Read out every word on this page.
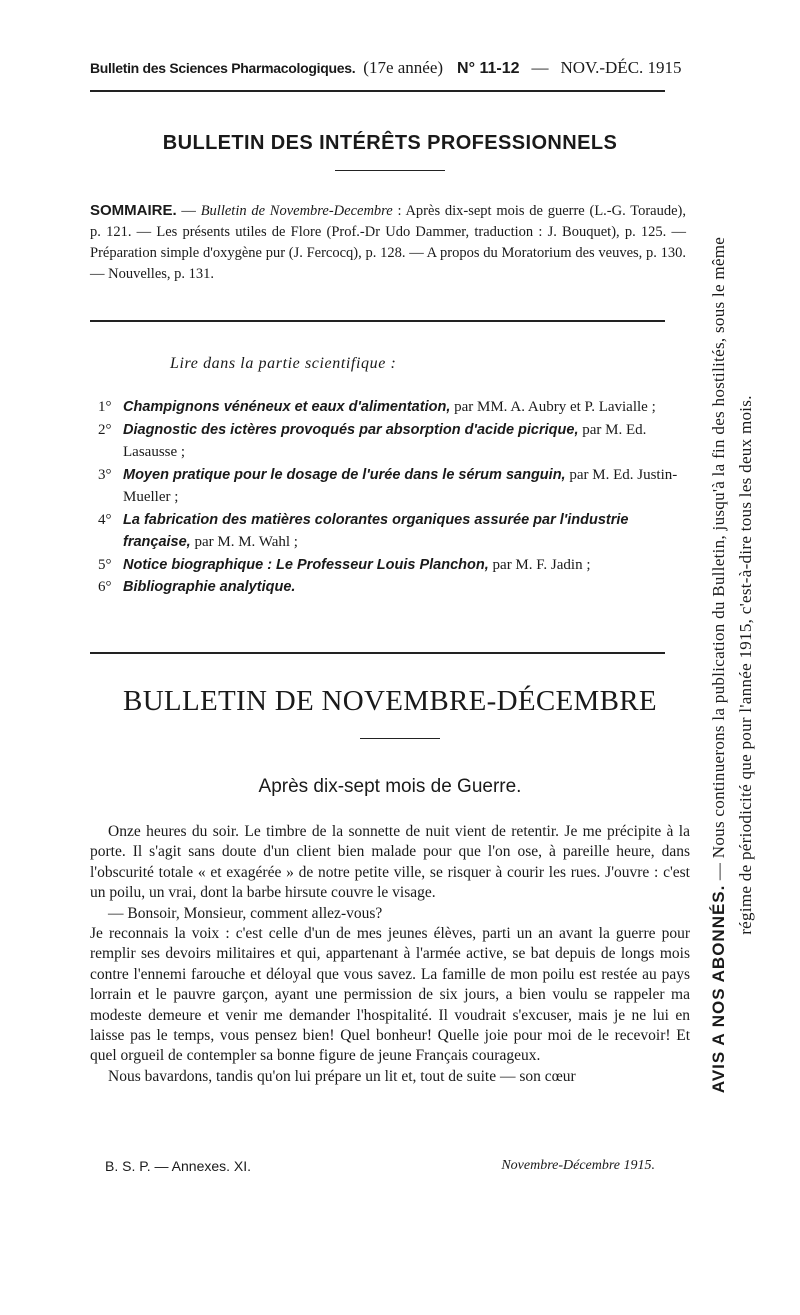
Bulletin des Sciences Pharmacologiques. (17e année) N° 11-12 — NOV.-DÉC. 1915
BULLETIN DES INTÉRÊTS PROFESSIONNELS
SOMMAIRE. — Bulletin de Novembre-Decembre : Après dix-sept mois de guerre (L.-G. Toraude), p. 121. — Les présents utiles de Flore (Prof.-Dr Udo Dammer, traduction : J. Bouquet), p. 125. — Préparation simple d'oxygène pur (J. Fercocq), p. 128. — A propos du Moratorium des veuves, p. 130. — Nouvelles, p. 131.
Lire dans la partie scientifique :
1° Champignons vénéneux et eaux d'alimentation, par MM. A. Aubry et P. Lavialle ;
2° Diagnostic des ictères provoqués par absorption d'acide picrique, par M. Ed. Lasausse ;
3° Moyen pratique pour le dosage de l'urée dans le sérum sanguin, par M. Ed. Justin-Mueller ;
4° La fabrication des matières colorantes organiques assurée par l'industrie française, par M. M. Wahl ;
5° Notice biographique : Le Professeur Louis Planchon, par M. F. Jadin ;
6° Bibliographie analytique.
BULLETIN DE NOVEMBRE-DÉCEMBRE
Après dix-sept mois de Guerre.

Onze heures du soir. Le timbre de la sonnette de nuit vient de retentir. Je me précipite à la porte. Il s'agit sans doute d'un client bien malade pour que l'on ose, à pareille heure, dans l'obscurité totale « et exagérée » de notre petite ville, se risquer à courir les rues. J'ouvre : c'est un poilu, un vrai, dont la barbe hirsute couvre le visage.

— Bonsoir, Monsieur, comment allez-vous?

Je reconnais la voix : c'est celle d'un de mes jeunes élèves, parti un an avant la guerre pour remplir ses devoirs militaires et qui, appartenant à l'armée active, se bat depuis de longs mois contre l'ennemi farouche et déloyal que vous savez. La famille de mon poilu est restée au pays lorrain et le pauvre garçon, ayant une permission de six jours, a bien voulu se rappeler ma modeste demeure et venir me demander l'hospitalité. Il voudrait s'excuser, mais je ne lui en laisse pas le temps, vous pensez bien! Quel bonheur! Quelle joie pour moi de le recevoir! Et quel orgueil de contempler sa bonne figure de jeune Français courageux.

Nous bavardons, tandis qu'on lui prépare un lit et, tout de suite — son cœur

B. S. P. — Annexes. XI.	Novembre-Décembre 1915.
AVIS A NOS ABONNÉS. — Nous continuerons la publication du Bulletin, jusqu'à la fin des hostilités, sous le même régime de périodicité que pour l'année 1915, c'est-à-dire tous les deux mois.
